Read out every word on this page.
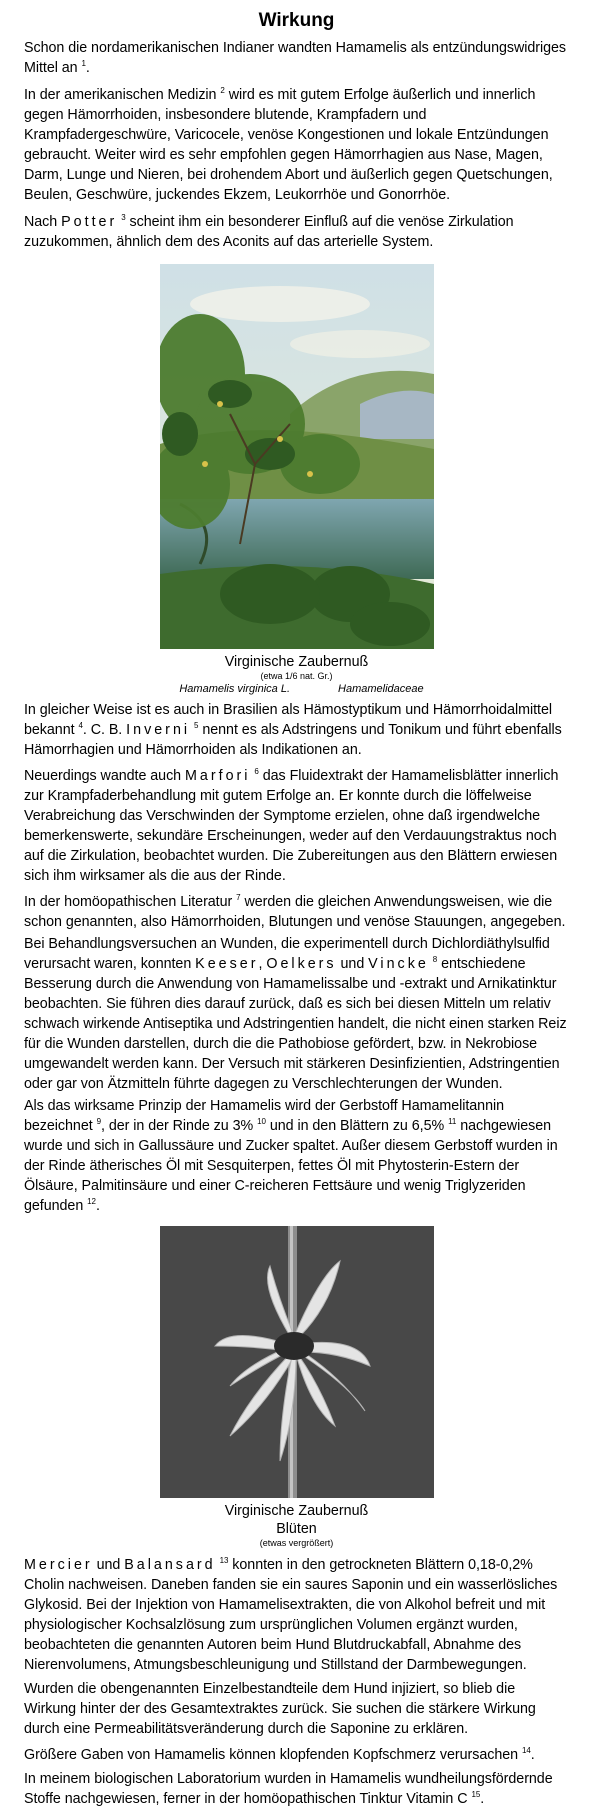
Wirkung

Schon die nordamerikanischen Indianer wandten Hamamelis als entzündungswidriges Mittel an $^1$.

In der amerikanischen Medizin $^2$ wird es mit gutem Erfolge äußerlich und innerlich gegen Hämorrhoiden, insbesondere blutende, Krampfadern und Krampfadergeschwüre, Varicocele, venöse Kongestionen und lokale Entzündungen gebraucht. Weiter wird es sehr empfohlen gegen Hämorrhagien aus Nase, Magen, Darm, Lunge und Nieren, bei drohendem Abort und äußerlich gegen Quetschungen, Beulen, Geschwüre, juckendes Ekzem, Leukorrhöe und Gonorrhöe.

Nach Potter $^3$ scheint ihm ein besonderer Einfluß auf die venöse Zirkulation zuzukommen, ähnlich dem des Aconits auf das arterielle System.

Virginische Zaubernuß
(etwa 1/6 nat. Gr.)
Hamamelis virginica L.	Hamamelidaceae

In gleicher Weise ist es auch in Brasilien als Hämostyptikum und Hämorrhoidalmittel bekannt $^4$. C. B. Inverni $^5$ nennt es als Adstringens und Tonikum und führt ebenfalls Hämorrhagien und Hämorrhoiden als Indikationen an.

Neuerdings wandte auch Marfori $^6$ das Fluidextrakt der Hamamelisblätter innerlich zur Krampfaderbehandlung mit gutem Erfolge an. Er konnte durch die löffelweise Verabreichung das Verschwinden der Symptome erzielen, ohne daß irgendwelche bemerkenswerte, sekundäre Erscheinungen, weder auf den Verdauungstraktus noch auf die Zirkulation, beobachtet wurden. Die Zubereitungen aus den Blättern erwiesen sich ihm wirksamer als die aus der Rinde.

In der homöopathischen Literatur $^7$ werden die gleichen Anwendungsweisen, wie die schon genannten, also Hämorrhoiden, Blutungen und venöse Stauungen, angegeben.

Bei Behandlungsversuchen an Wunden, die experimentell durch Dichlordiäthylsulfid verursacht waren, konnten Keeser, Oelkers und Vincke $^8$ entschiedene Besserung durch die Anwendung von Hamamelissalbe und -extrakt und Arnikatinktur beobachten. Sie führen dies darauf zurück, daß es sich bei diesen Mitteln um relativ schwach wirkende Antiseptika und Adstringentien handelt, die nicht einen starken Reiz für die Wunden darstellen, durch die die Pathobiose gefördert, bzw. in Nekrobiose umgewandelt werden kann. Der Versuch mit stärkeren Desinfizientien, Adstringentien oder gar von Ätzmitteln führte dagegen zu Verschlechterungen der Wunden.

Als das wirksame Prinzip der Hamamelis wird der Gerbstoff Hamamelitannin bezeichnet $^9$, der in der Rinde zu 3% $^{10}$ und in den Blättern zu 6,5% $^{11}$ nachgewiesen wurde und sich in Gallussäure und Zucker spaltet. Außer diesem Gerbstoff wurden in der Rinde ätherisches Öl mit Sesquiterpen, fettes Öl mit Phytosterin-Estern der Ölsäure, Palmitinsäure und einer C-reicheren Fettsäure und wenig Triglyzeriden gefunden $^{12}$.

Virginische Zaubernuß
Blüten
(etwas vergrößert)

Mercier und Balansard $^{13}$ konnten in den getrockneten Blättern 0,18-0,2% Cholin nachweisen. Daneben fanden sie ein saures Saponin und ein wasserlösliches Glykosid. Bei der Injektion von Hamamelisextrakten, die von Alkohol befreit und mit physiologischer Kochsalzlösung zum ursprünglichen Volumen ergänzt wurden, beobachteten die genannten Autoren beim Hund Blutdruckabfall, Abnahme des Nierenvolumens, Atmungsbeschleunigung und Stillstand der Darmbewegungen.

Wurden die obengenannten Einzelbestandteile dem Hund injiziert, so blieb die Wirkung hinter der des Gesamtextraktes zurück. Sie suchen die stärkere Wirkung durch eine Permeabilitätsveränderung durch die Saponine zu erklären.

Größere Gaben von Hamamelis können klopfenden Kopfschmerz verursachen $^{14}$.

In meinem biologischen Laboratorium wurden in Hamamelis wundheilungsfördernde Stoffe nachgewiesen, ferner in der homöopathischen Tinktur Vitamin C $^{15}$.
